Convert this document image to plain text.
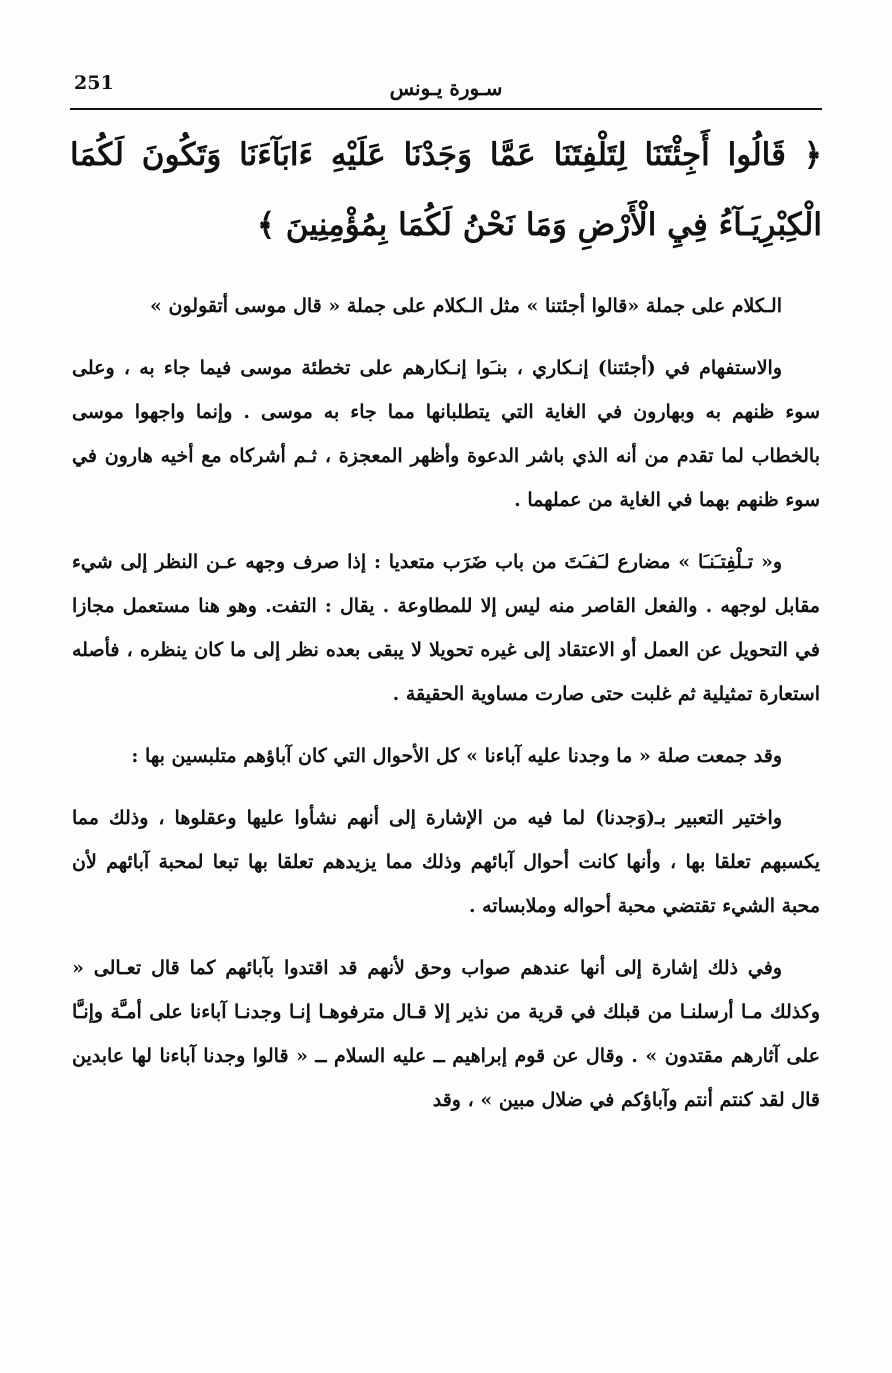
251	سـورة يـونس
﴿ قَالُوا أَجِئْتَنَا لِتَلْفِتَنَا عَمَّا وَجَدْنَا عَلَيْهِ ءَابَآءَنَا وَتَكُونَ لَكُمَا الْكِبْرِيَـآءُ فِيِ الْأَرْضِ وَمَا نَحْنُ لَكُمَا بِمُؤْمِنِينَ ﴾

الـكلام على جملة «قالوا أجئتنا » مثل الـكلام على جملة « قال موسى أتقولون »

والاستفهام في (أجئتنا) إنـكاري ، بنـَوا إنـكارهم على تخطئة موسى فيما جاء به ، وعلى سوء ظنهم به وبهارون في الغاية التي يتطلبانها مما جاء به موسى . وإنما واجهوا موسى بالخطاب لما تقدم من أنه الذي باشر الدعوة وأظهر المعجزة ، ثـم أشركاه مع أخيه هارون في سوء ظنهم بهما في الغاية من عملهما .

و« تـلْفِتـَنـَا » مضارع لـَفـَتَ من باب ضَرَب متعديا : إذا صرف وجهه عـن النظر إلى شيء مقابل لوجهه . والفعل القاصر منه ليس إلا للمطاوعة . يقال : التفت. وهو هنا مستعمل مجازا في التحويل عن العمل أو الاعتقاد إلى غيره تحويلا لا يبقى بعده نظر إلى ما كان ينظره ، فأصله استعارة تمثيلية ثم غلبت حتى صارت مساوية الحقيقة .

وقد جمعت صلة « ما وجدنا عليه آباءنا » كل الأحوال التي كان آباؤهم متلبسين بها :

واختير التعبير بـ(وَجدنا) لما فيه من الإشارة إلى أنهم نشأوا عليها وعقلوها ، وذلك مما يكسبهم تعلقا بها ، وأنها كانت أحوال آبائهم وذلك مما يزيدهم تعلقا بها تبعا لمحبة آبائهم لأن محبة الشيء تقتضي محبة أحواله وملابساته .

وفي ذلك إشارة إلى أنها عندهم صواب وحق لأنهم قد اقتدوا بآبائهم كما قال تعـالى « وكذلك مـا أرسلنـا من قبلك في قرية من نذير إلا قـال مترفوهـا إنـا وجدنـا آباءنا على أمـَّة وإنـَّا على آثارهم مقتدون » . وقال عن قوم إبراهيم ــ عليه السلام ــ « قالوا وجدنا آباءنا لها عابدين قال لقد كنتم أنتم وآباؤكم في ضلال مبين » ، وقد
